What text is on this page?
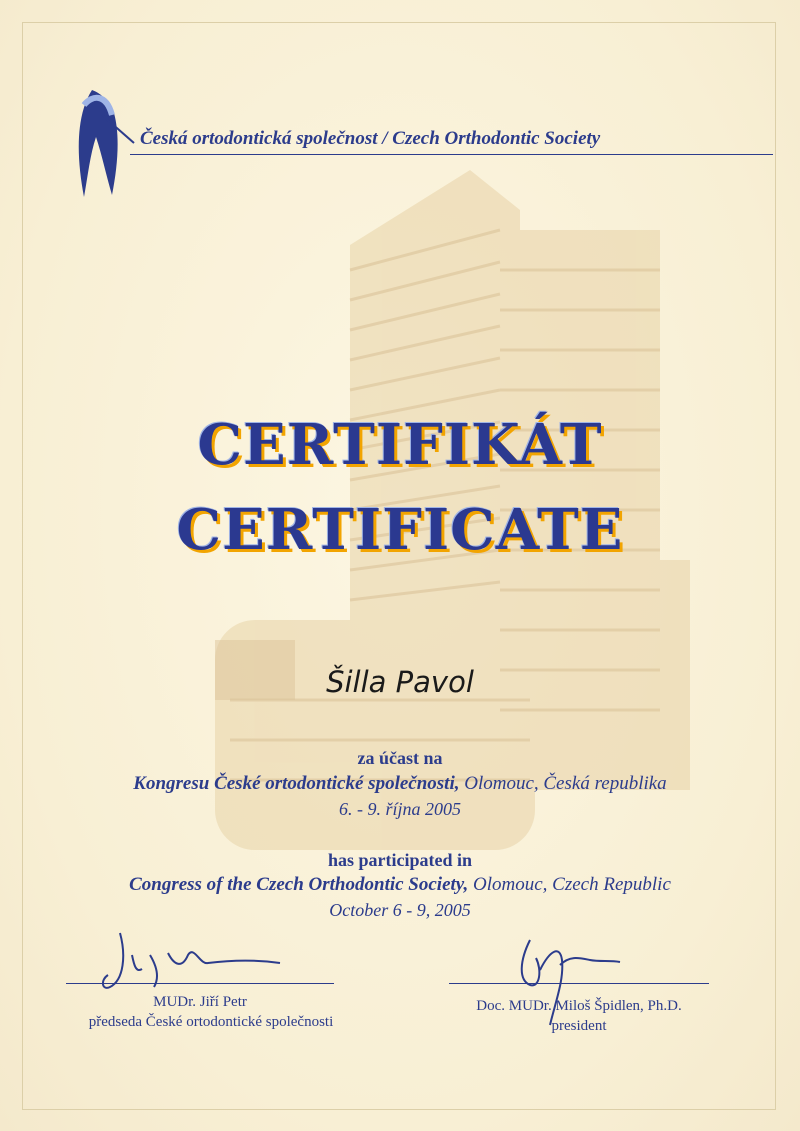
Česká ortodontická společnost / Czech Orthodontic Society
CERTIFIKÁT
CERTIFICATE
Šilla Pavol
za účast na
Kongresu České ortodontické společnosti, Olomouc, Česká republika
6. - 9. října 2005
has participated in
Congress of the Czech Orthodontic Society, Olomouc, Czech Republic
October 6 - 9, 2005
MUDr. Jiří Petr
předseda České ortodontické společnosti
Doc. MUDr. Miloš Špidlen, Ph.D.
president
